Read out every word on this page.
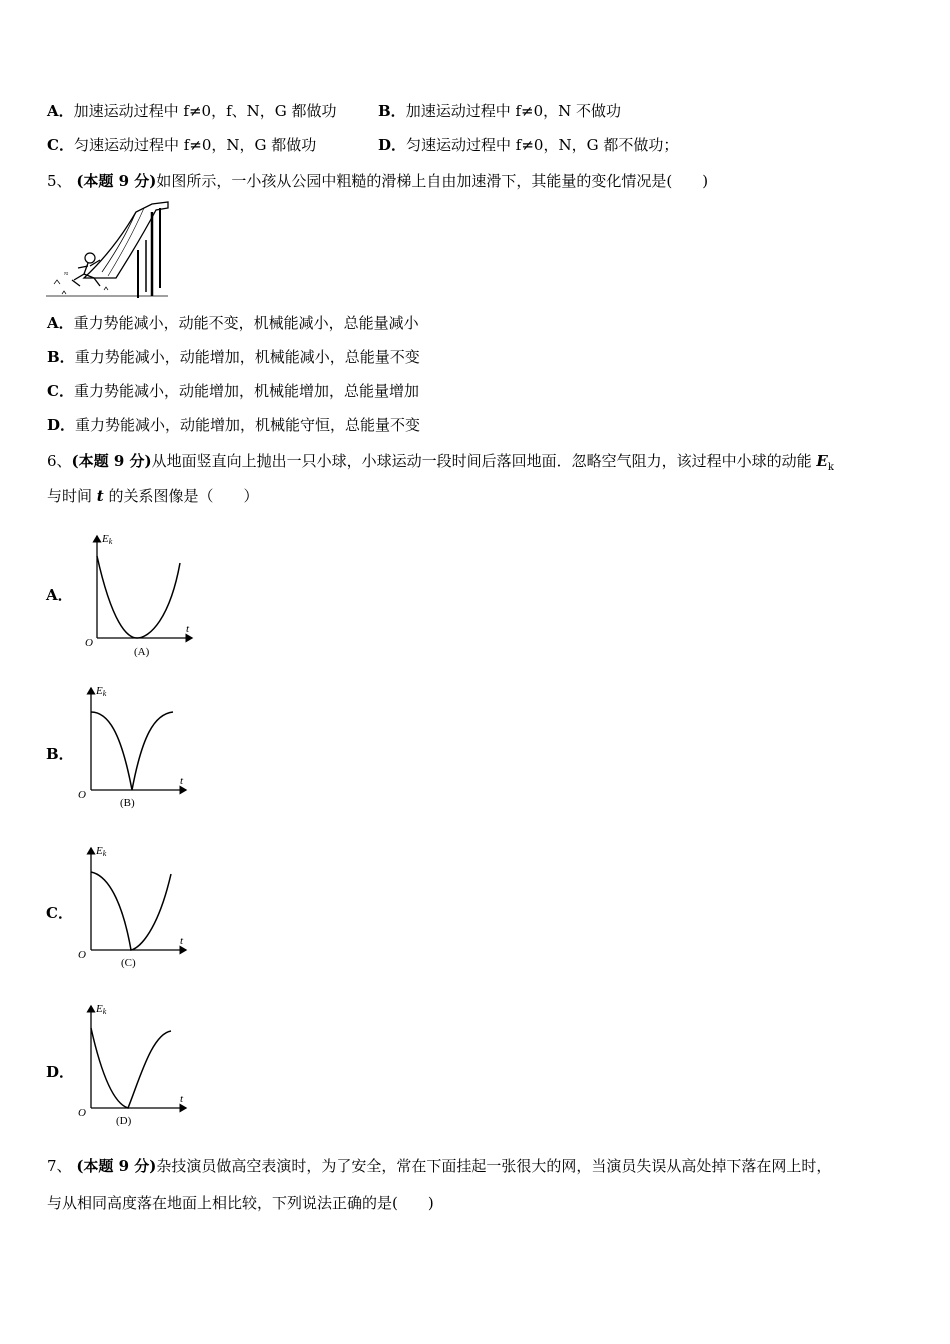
A．加速运动过程中 f≠0，f、N，G 都做功	B．加速运动过程中 f≠0，N 不做功
C．匀速运动过程中 f≠0，N，G 都做功	D．匀速运动过程中 f≠0，N，G 都不做功；
5、 (本题 9 分)如图所示，一小孩从公园中粗糙的滑梯上自由加速滑下，其能量的变化情况是(　　)
≈
A．重力势能减小，动能不变，机械能减小，总能量减小
B．重力势能减小，动能增加，机械能减小，总能量不变
C．重力势能减小，动能增加，机械能增加，总能量增加
D．重力势能减小，动能增加，机械能守恒，总能量不变
6、(本题 9 分)从地面竖直向上抛出一只小球，小球运动一段时间后落回地面．忽略空气阻力，该过程中小球的动能 $E_k$
与时间 t 的关系图像是（　　）
A．
Ek
t
O
(A)
B．
Ek
t
O
(B)
C．
Ek
t
O
(C)
D．
Ek
t
O
(D)
7、 (本题 9 分)杂技演员做高空表演时，为了安全，常在下面挂起一张很大的网，当演员失误从高处掉下落在网上时，
与从相同高度落在地面上相比较，下列说法正确的是(　　)
